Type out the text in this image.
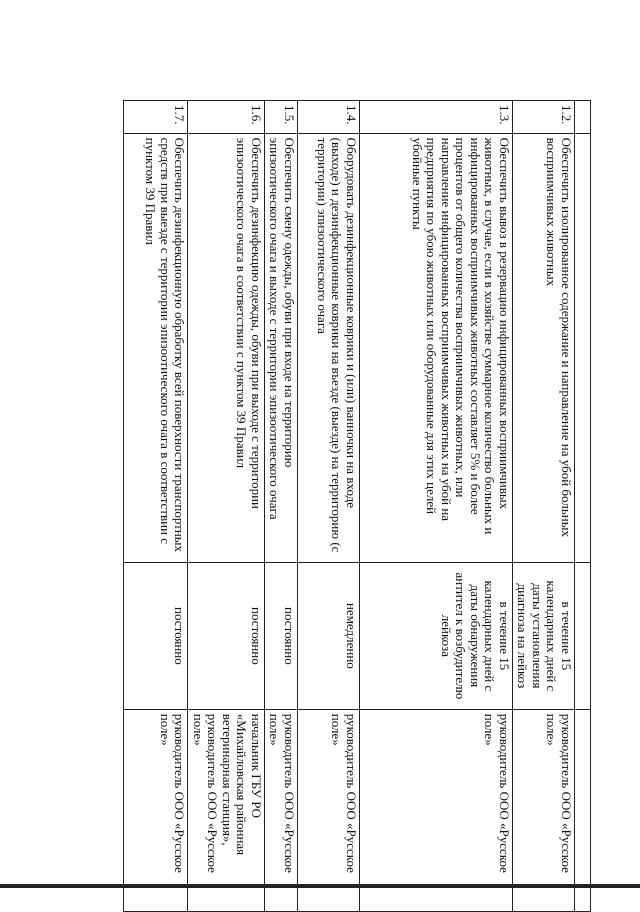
1.2.	Обеспечить изолированное содержание и направление на убой больных восприимчивых животных	в течение 15 календарных дней с даты установления диагноза на лейкоз	руководитель ООО «Русское поле»
1.3.	Обеспечить вывоз в резервацию инфицированных восприимчивых животных, в случае, если в хозяйстве суммарное количество больных и инфицированных восприимчивых животных составляет 5% и более процентов от общего количества восприимчивых животных, или направление инфицированных восприимчивых животных на убой на предприятия по убою животных или оборудованные для этих целей убойные пункты	в течение 15 календарных дней с даты обнаружения антител к возбудителю лейкоза	руководитель ООО «Русское поле»
1.4.	Оборудовать дезинфекционные коврики и (или) ванночки на входе (выходе) и дезинфекционные коврики на въезде (выезде) на территорию (с территории) эпизоотического очага	немедленно	руководитель ООО «Русское поле»
1.5.	Обеспечить смену одежды, обуви при входе на территорию эпизоотического очага и выходе с территории эпизоотического очага	постоянно	руководитель ООО «Русское поле»
1.6.	Обеспечить дезинфекцию одежды, обуви при выходе с территории эпизоотического очага в соответствии с пунктом 39 Правил	постоянно	начальник ГБУ РО «Михайловская районная ветеринарная станция», руководитель ООО «Русское поле»
1.7.	Обеспечить дезинфекционную обработку всей поверхности транспортных средств при выезде с территории эпизоотического очага в соответствии с пунктом 39 Правил	постоянно	руководитель ООО «Русское поле»
